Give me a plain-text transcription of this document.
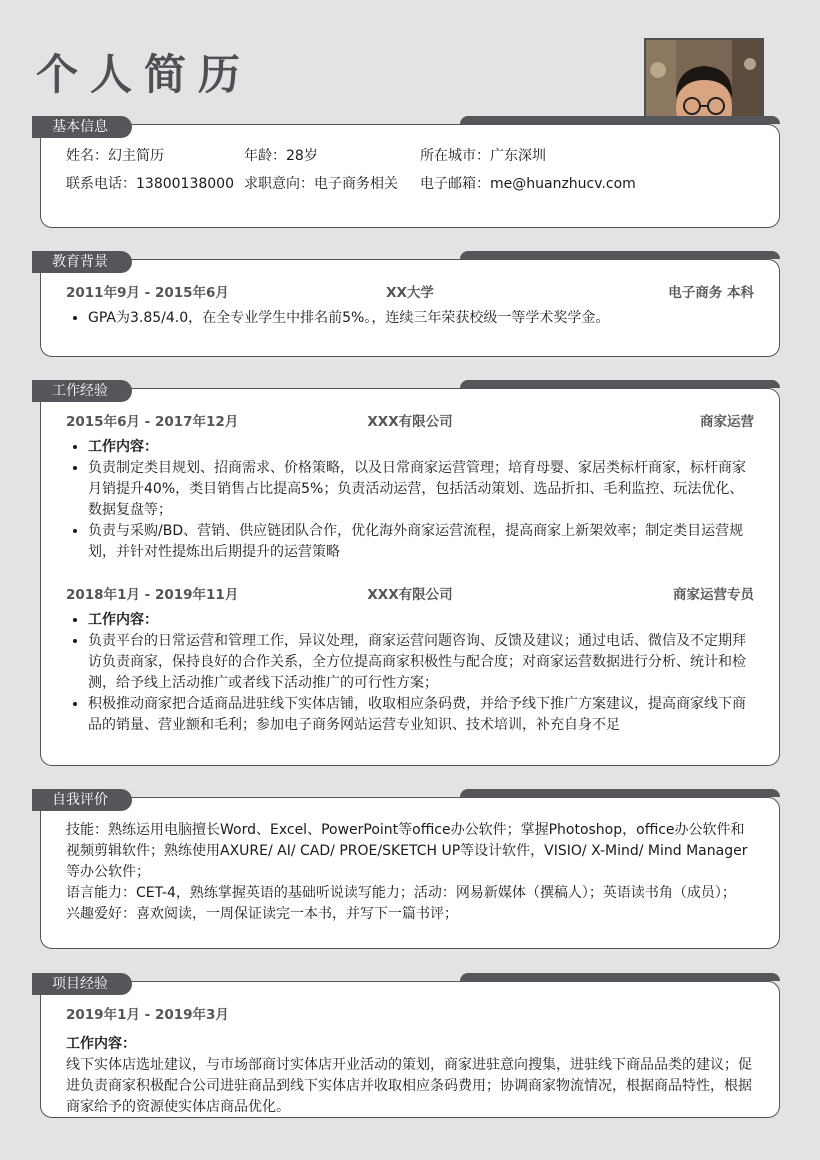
个人简历
基本信息
姓名：幻主简历	年龄：28岁	所在城市：广东深圳
联系电话：13800138000 求职意向：电子商务相关	电子邮箱：me@huanzhucv.com
教育背景
2011年9月 - 2015年6月	XX大学	电子商务 本科
• GPA为3.85/4.0，在全专业学生中排名前5%。，连续三年荣获校级一等学术奖学金。
工作经验
2015年6月 - 2017年12月	XXX有限公司	商家运营
• 工作内容：
• 负责制定类目规划、招商需求、价格策略，以及日常商家运营管理；培育母婴、家居类标杆商家，标杆商家月销提升40%，类目销售占比提高5%；负责活动运营，包括活动策划、选品折扣、毛利监控、玩法优化、数据复盘等；
• 负责与采购/BD、营销、供应链团队合作，优化海外商家运营流程，提高商家上新架效率；制定类目运营规划，并针对性提炼出后期提升的运营策略
2018年1月 - 2019年11月	XXX有限公司	商家运营专员
• 工作内容：
• 负责平台的日常运营和管理工作，异议处理，商家运营问题咨询、反馈及建议；通过电话、微信及不定期拜访负责商家，保持良好的合作关系，全方位提高商家积极性与配合度；对商家运营数据进行分析、统计和检测，给予线上活动推广或者线下活动推广的可行性方案；
• 积极推动商家把合适商品进驻线下实体店铺，收取相应条码费，并给予线下推广方案建议，提高商家线下商品的销量、营业额和毛利；参加电子商务网站运营专业知识、技术培训，补充自身不足
自我评价

技能：熟练运用电脑擅长Word、Excel、PowerPoint等office办公软件；掌握Photoshop，office办公软件和视频剪辑软件；熟练使用AXURE/ AI/ CAD/ PROE/SKETCH UP等设计软件，VISIO/ X-Mind/ Mind Manager等办公软件；

语言能力：CET-4，熟练掌握英语的基础听说读写能力；活动：网易新媒体（撰稿人）；英语读书角（成员）；

兴趣爱好：喜欢阅读，一周保证读完一本书，并写下一篇书评；

项目经验
2019年1月 - 2019年3月

工作内容：

线下实体店选址建议，与市场部商讨实体店开业活动的策划，商家进驻意向搜集，进驻线下商品品类的建议；促进负责商家积极配合公司进驻商品到线下实体店并收取相应条码费用；协调商家物流情况，根据商品特性，根据商家给予的资源使实体店商品优化。
